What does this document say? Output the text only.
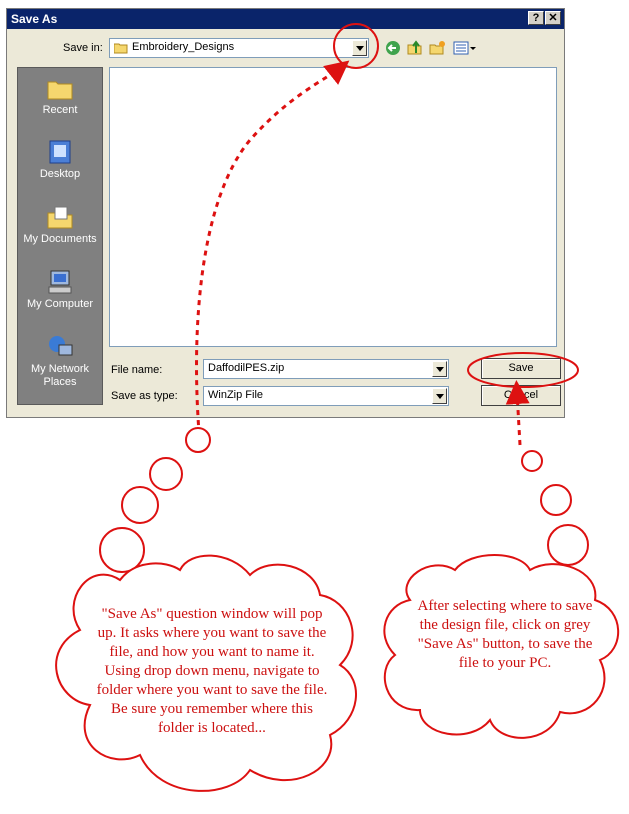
Save As	? ✕
Save in:	Embroidery_Designs
Recent
Desktop
My Documents
My Computer
My Network Places
File name:	DaffodilPES.zip
Save as type:	WinZip File
Save
Cancel
"Save As" question window will pop up. It asks where you want to save the file, and how you want to name it. Using drop down menu, navigate to folder where you want to save the file. Be sure you remember where this folder is located...
After selecting where to save the design file, click on grey "Save As" button, to save the file to your PC.
